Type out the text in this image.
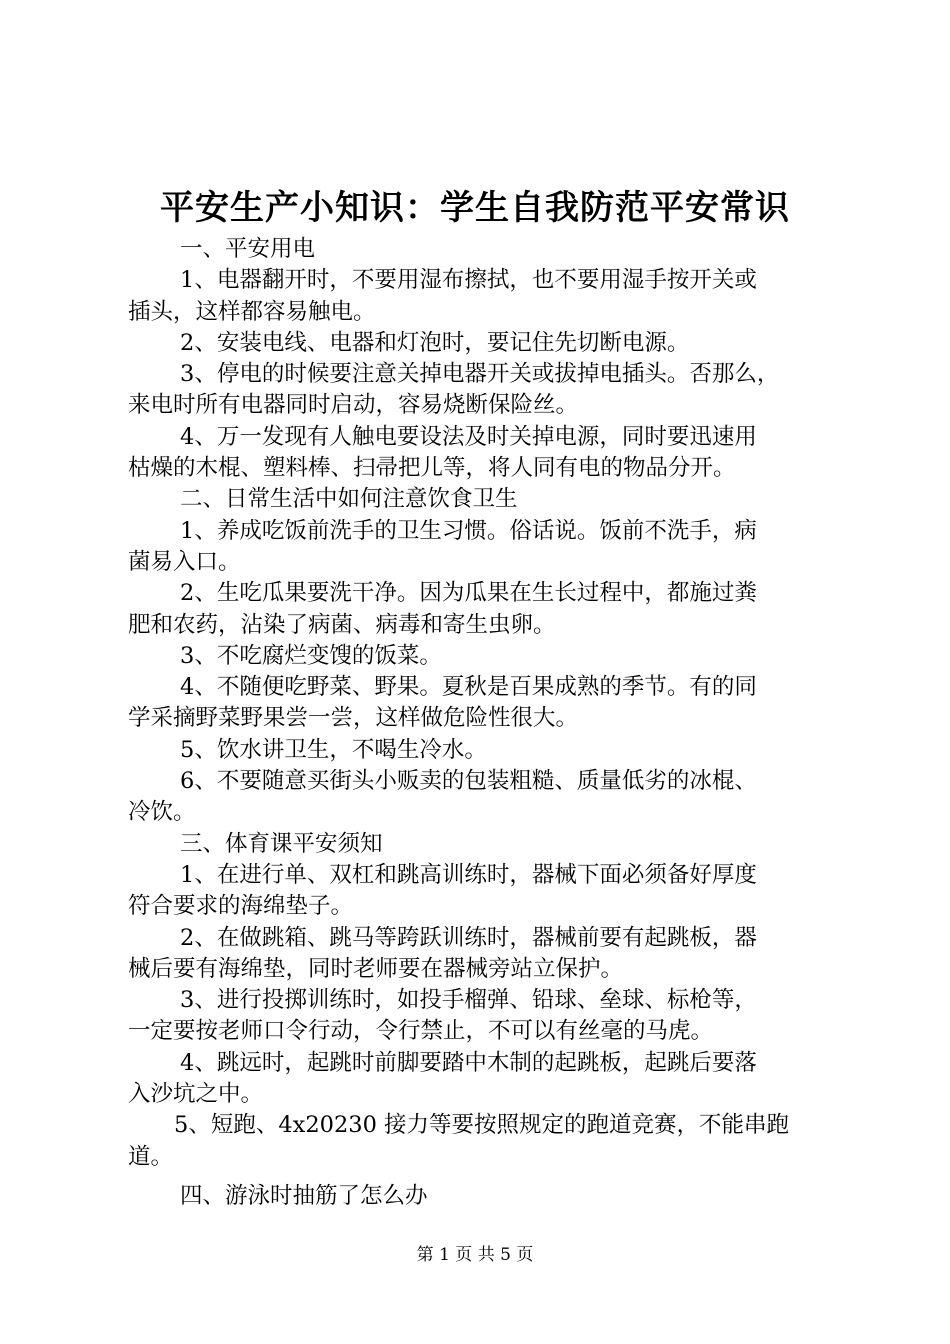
平安生产小知识：学生自我防范平安常识
一、平安用电
1、电器翻开时，不要用湿布擦拭，也不要用湿手按开关或
插头，这样都容易触电。
2、安装电线、电器和灯泡时，要记住先切断电源。
3、停电的时候要注意关掉电器开关或拔掉电插头。否那么，
来电时所有电器同时启动，容易烧断保险丝。
4、万一发现有人触电要设法及时关掉电源，同时要迅速用
枯燥的木棍、塑料棒、扫帚把儿等，将人同有电的物品分开。
二、日常生活中如何注意饮食卫生
1、养成吃饭前洗手的卫生习惯。俗话说。饭前不洗手，病
菌易入口。
2、生吃瓜果要洗干净。因为瓜果在生长过程中，都施过粪
肥和农药，沾染了病菌、病毒和寄生虫卵。
3、不吃腐烂变馊的饭菜。
4、不随便吃野菜、野果。夏秋是百果成熟的季节。有的同
学采摘野菜野果尝一尝，这样做危险性很大。
5、饮水讲卫生，不喝生冷水。
6、不要随意买街头小贩卖的包装粗糙、质量低劣的冰棍、
冷饮。
三、体育课平安须知
1、在进行单、双杠和跳高训练时，器械下面必须备好厚度
符合要求的海绵垫子。
2、在做跳箱、跳马等跨跃训练时，器械前要有起跳板，器
械后要有海绵垫，同时老师要在器械旁站立保护。
3、进行投掷训练时，如投手榴弹、铅球、垒球、标枪等，
一定要按老师口令行动，令行禁止，不可以有丝毫的马虎。
4、跳远时，起跳时前脚要踏中木制的起跳板，起跳后要落
入沙坑之中。
5、短跑、4x20230 接力等要按照规定的跑道竞赛，不能串跑
道。
四、游泳时抽筋了怎么办
第 1 页 共 5 页
